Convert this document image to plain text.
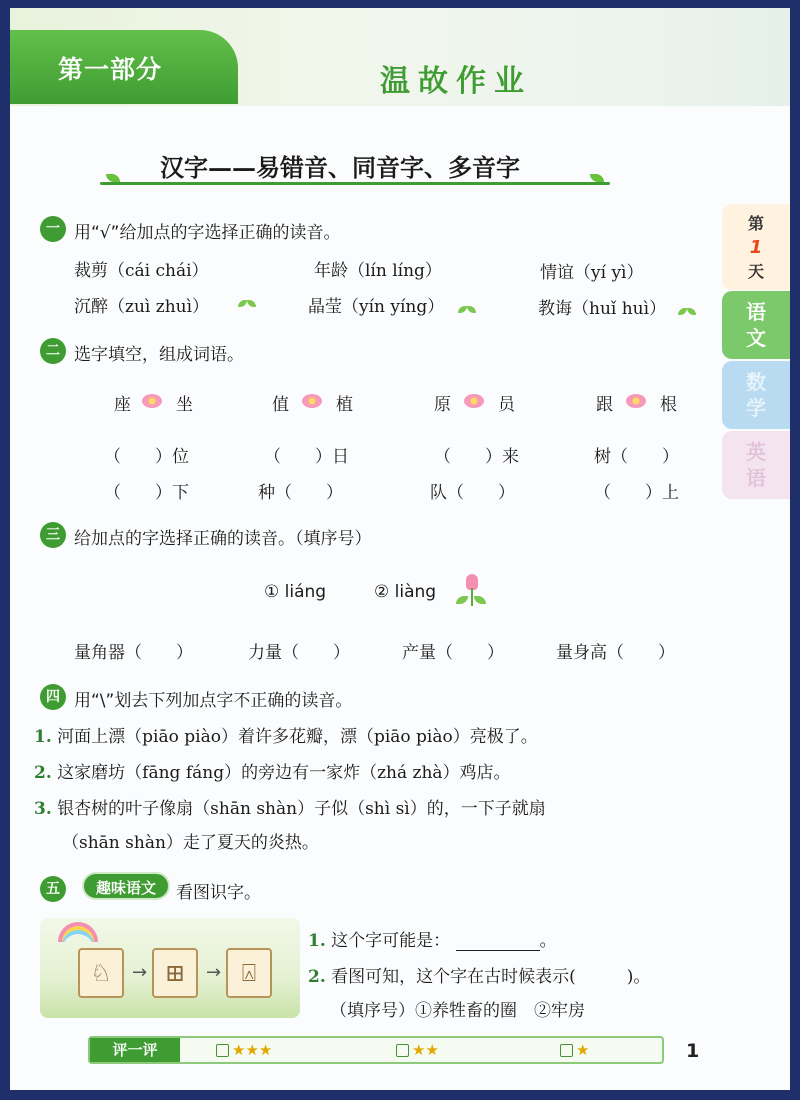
第一部分	温故作业
汉字——易错音、同音字、多音字
第
1
天
语文
数学
英语
一 用“√”给加点的字选择正确的读音。
裁剪（cái chái）	年龄（lín líng）	情谊（yí yì）
沉醉（zuì zhuì）	晶莹（yín yíng）	教诲（huǐ huì）
二 选字填空，组成词语。
座	坐	值	植	原	员	跟	根
（　　）位	（　　）日	（　　）来	树（　　）
（　　）下	种（　　）	队（　　）	（　　）上
三 给加点的字选择正确的读音。（填序号）
① liáng	② liàng
量角器（　　）	力量（　　）	产量（　　）	量身高（　　）
四 用“\”划去下列加点字不正确的读音。
1. 河面上漂（piāo piào）着许多花瓣，漂（piāo piào）亮极了。
2. 这家磨坊（fāng fáng）的旁边有一家炸（zhá zhà）鸡店。
3. 银杏树的叶子像扇（shān shàn）子似（shì sì）的，一下子就扇
（shān shàn）走了夏天的炎热。
五	趣味语文	看图识字。
♘	→ ⊞	→ ⍓
1. 这个字可能是：	。
2. 看图可知，这个字在古时候表示(　　　)。
（填序号）①养牲畜的圈　②牢房
评一评	★★★	★★	★	1
